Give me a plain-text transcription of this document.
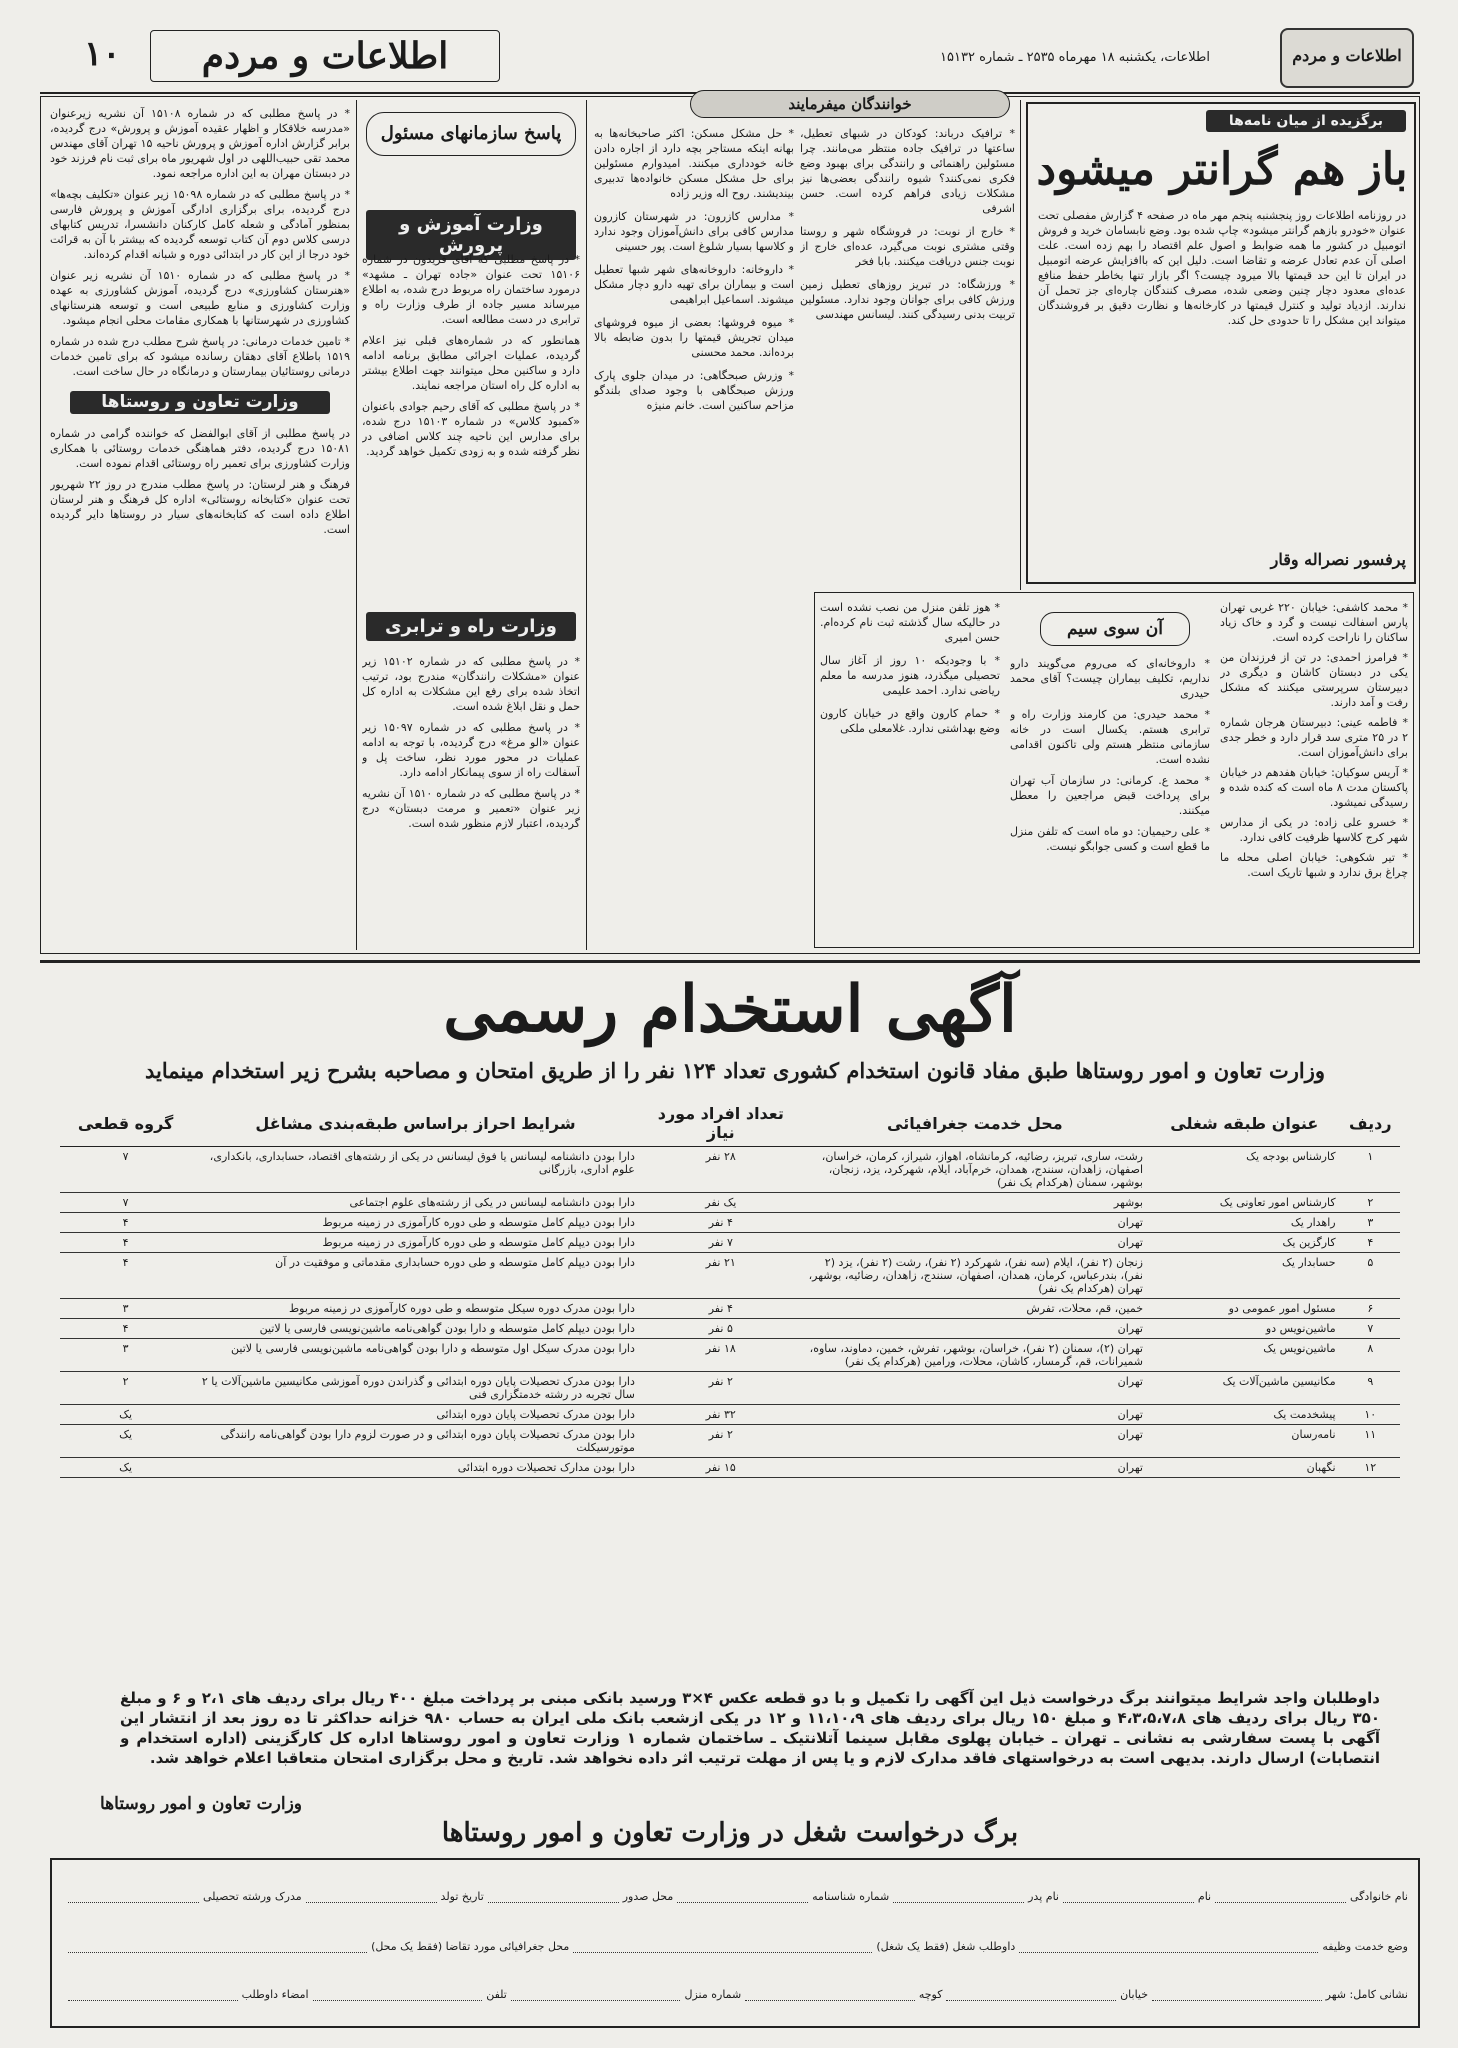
۱۰	اطلاعات و مردم	اطلاعات، یکشنبه ۱۸ مهرماه ۲۵۳۵ ـ شماره ۱۵۱۳۲	اطلاعات و مردم

* در پاسخ مطلبی که در شماره ۱۵۱۰۸ آن نشریه زیرعنوان «مدرسه خلاقکار و اظهار عقیده آموزش و پرورش» درج گردیده، برابر گزارش اداره آموزش و پرورش ناحیه ۱۵ تهران آقای مهندس محمد تقی حبیب‌اللهی در اول شهریور ماه برای ثبت نام فرزند خود در دبستان مهران به این اداره مراجعه نمود.

* در پاسخ مطلبی که در شماره ۱۵۰۹۸ زیر عنوان «تکلیف بچه‌ها» درج گردیده، برای برگزاری ادارگی آموزش و پرورش فارسی بمنظور آمادگی و شعله کامل کارکنان دانشسرا، تدریس کتابهای درسی کلاس دوم آن کتاب توسعه گردیده که بیشتر با آن به قرائت خود درجا از این کار در ابتدائی دوره و شبانه اقدام کرده‌اند.

* در پاسخ مطلبی که در شماره ۱۵۱۰ آن نشریه زیر عنوان «هنرستان کشاورزی» درج گردیده، آموزش کشاورزی به عهده وزارت کشاورزی و منابع طبیعی است و توسعه هنرستانهای کشاورزی در شهرستانها با همکاری مقامات محلی انجام میشود.

* تامین خدمات درمانی: در پاسخ شرح مطلب درج شده در شماره ۱۵۱۹ باطلاع آقای دهقان رسانده میشود که برای تامین خدمات درمانی روستائیان بیمارستان و درمانگاه در حال ساخت است.

وزارت تعاون و روستاها

در پاسخ مطلبی از آقای ابوالفضل که خواننده گرامی در شماره ۱۵۰۸۱ درج گردیده، دفتر هماهنگی خدمات روستائی با همکاری وزارت کشاورزی برای تعمیر راه روستائی اقدام نموده است.

فرهنگ و هنر لرستان: در پاسخ مطلب مندرج در روز ۲۲ شهریور تحت عنوان «کتابخانه روستائی» اداره کل فرهنگ و هنر لرستان اطلاع داده است که کتابخانه‌های سیار در روستاها دایر گردیده است.

پاسخ سازمانهای مسئول
وزارت آموزش و پرورش

* در پاسخ مطلبی که آقای فریدون در شماره ۱۵۱۰۶ تحت عنوان «جاده تهران ـ مشهد» درمورد ساختمان راه مربوط درج شده، به اطلاع میرساند مسیر جاده از طرف وزارت راه و ترابری در دست مطالعه است.

همانطور که در شماره‌های قبلی نیز اعلام گردیده، عملیات اجرائی مطابق برنامه ادامه دارد و ساکنین محل میتوانند جهت اطلاع بیشتر به اداره کل راه استان مراجعه نمایند.

* در پاسخ مطلبی که آقای رحیم جوادی باعنوان «کمبود کلاس» در شماره ۱۵۱۰۳ درج شده، برای مدارس این ناحیه چند کلاس اضافی در نظر گرفته شده و به زودی تکمیل خواهد گردید.

وزارت راه و ترابری

* در پاسخ مطلبی که در شماره ۱۵۱۰۲ زیر عنوان «مشکلات رانندگان» مندرج بود، ترتیب اتخاذ شده برای رفع این مشکلات به اداره کل حمل و نقل ابلاغ شده است.

* در پاسخ مطلبی که در شماره ۱۵۰۹۷ زیر عنوان «الو مرغ» درج گردیده، با توجه به ادامه عملیات در محور مورد نظر، ساخت پل و آسفالت راه از سوی پیمانکار ادامه دارد.

* در پاسخ مطلبی که در شماره ۱۵۱۰ آن نشریه زیر عنوان «تعمیر و مرمت دبستان» درج گردیده، اعتبار لازم منظور شده است.

خوانندگان میفرمایند

* ترافیک درباند: کودکان در شبهای تعطیل، ساعتها در ترافیک جاده منتظر می‌مانند. چرا مسئولین راهنمائی و رانندگی برای بهبود وضع فکری نمی‌کنند؟ شیوه رانندگی بعضی‌ها نیز مشکلات زیادی فراهم کرده است. حسن اشرفی

* خارج از نوبت: در فروشگاه شهر و روستا وقتی مشتری نوبت می‌گیرد، عده‌ای خارج از نوبت جنس دریافت میکنند. بابا فخر

* ورزشگاه: در تبریز روزهای تعطیل زمین ورزش کافی برای جوانان وجود ندارد. مسئولین تربیت بدنی رسیدگی کنند. لیسانس مهندسی

* حل مشکل مسکن: اکثر صاحبخانه‌ها به بهانه اینکه مستاجر بچه دارد از اجاره دادن خانه خودداری میکنند. امیدوارم مسئولین برای حل مشکل مسکن خانواده‌ها تدبیری بیندیشند. روح اله وزیر زاده

* مدارس کازرون: در شهرستان کازرون مدارس کافی برای دانش‌آموزان وجود ندارد و کلاسها بسیار شلوغ است. پور حسینی

* داروخانه: داروخانه‌های شهر شبها تعطیل است و بیماران برای تهیه دارو دچار مشکل میشوند. اسماعیل ابراهیمی

* میوه فروشها: بعضی از میوه فروشهای میدان تجریش قیمتها را بدون ضابطه بالا برده‌اند. محمد محسنی

* وزرش صبحگاهی: در میدان جلوی پارک ورزش صبحگاهی با وجود صدای بلندگو مزاحم ساکنین است. خانم منیژه

برگزیده از میان نامه‌ها
باز هم گرانتر میشود
در روزنامه اطلاعات روز پنجشنبه پنجم مهر ماه در صفحه ۴ گزارش مفصلی تحت عنوان «خودرو بازهم گرانتر میشود» چاپ شده بود. وضع نابسامان خرید و فروش اتومبیل در کشور ما همه ضوابط و اصول علم اقتصاد را بهم زده است. علت اصلی آن عدم تعادل عرضه و تقاضا است. دلیل این که باافزایش عرضه اتومبیل در ایران تا این حد قیمتها بالا میرود چیست؟ اگر بازار تنها بخاطر حفظ منافع عده‌ای معدود دچار چنین وضعی شده، مصرف کنندگان چاره‌ای جز تحمل آن ندارند. ازدیاد تولید و کنترل قیمتها در کارخانه‌ها و نظارت دقیق بر فروشندگان میتواند این مشکل را تا حدودی حل کند.
پرفسور نصراله وقار

* هوز تلفن منزل من نصب نشده است در حالیکه سال گذشته ثبت نام کرده‌ام. حسن امیری

* با وجودیکه ۱۰ روز از آغاز سال تحصیلی میگذرد، هنوز مدرسه ما معلم ریاضی ندارد. احمد علیمی

* حمام کارون واقع در خیابان کارون وضع بهداشتی ندارد. غلامعلی ملکی

آن سوی سیم

* داروخانه‌ای که می‌روم می‌گویند دارو نداریم، تکلیف بیماران چیست؟ آقای محمد حیدری

* محمد حیدری: من کارمند وزارت راه و ترابری هستم. یکسال است در خانه سازمانی منتظر هستم ولی تاکنون اقدامی نشده است.

* محمد ع. کرمانی: در سازمان آب تهران برای پرداخت قبض مراجعین را معطل میکنند.

* علی رحیمیان: دو ماه است که تلفن منزل ما قطع است و کسی جوابگو نیست.

* محمد کاشفی: خیابان ۲۲۰ غربی تهران پارس اسفالت نیست و گرد و خاک زیاد ساکنان را ناراحت کرده است.

* فرامرز احمدی: در تن از فرزندان من یکی در دبستان کاشان و دیگری در دبیرستان سرپرستی میکنند که مشکل رفت و آمد دارند.

* فاطمه عینی: دبیرستان هرجان شماره ۲ در ۲۵ متری سد قرار دارد و خطر جدی برای دانش‌آموزان است.

* آریس سوکیان: خیابان هفدهم در خیابان پاکستان مدت ۸ ماه است که کنده شده و رسیدگی نمیشود.

* خسرو علی زاده: در یکی از مدارس شهر کرج کلاسها ظرفیت کافی ندارد.

* تیر شکوهی: خیابان اصلی محله ما چراغ برق ندارد و شبها تاریک است.

آگهی استخدام رسمی
وزارت تعاون و امور روستاها طبق مفاد قانون استخدام کشوری تعداد ۱۲۴ نفر را از طریق امتحان و مصاحبه بشرح زیر استخدام مینماید
ردیف	عنوان طبقه شغلی	محل خدمت جغرافیائی	تعداد افراد مورد نیاز	شرایط احراز براساس طبقه‌بندی مشاغل	گروه قطعی
۱	کارشناس بودجه یک	رشت، ساری، تبریز، رضائیه، کرمانشاه، اهواز، شیراز، کرمان، خراسان، اصفهان، زاهدان، سنندج، همدان، خرم‌آباد، ایلام، شهرکرد، یزد، زنجان، بوشهر، سمنان (هرکدام یک نفر)	۲۸ نفر	دارا بودن دانشنامه لیسانس یا فوق لیسانس در یکی از رشته‌های اقتصاد، حسابداری، بانکداری، علوم اداری، بازرگانی	۷
۲	کارشناس امور تعاونی یک	بوشهر	یک نفر	دارا بودن دانشنامه لیسانس در یکی از رشته‌های علوم اجتماعی	۷
۳	راهدار یک	تهران	۴ نفر	دارا بودن دیپلم کامل متوسطه و طی دوره کارآموزی در زمینه مربوط	۴
۴	کارگزین یک	تهران	۷ نفر	دارا بودن دیپلم کامل متوسطه و طی دوره کارآموزی در زمینه مربوط	۴
۵	حسابدار یک	زنجان (۲ نفر)، ایلام (سه نفر)، شهرکرد (۲ نفر)، رشت (۲ نفر)، یزد (۲ نفر)، بندرعباس، کرمان، همدان، اصفهان، سنندج، زاهدان، رضائیه، بوشهر، تهران (هرکدام یک نفر)	۲۱ نفر	دارا بودن دیپلم کامل متوسطه و طی دوره حسابداری مقدماتی و موفقیت در آن	۴
۶	مسئول امور عمومی دو	خمین، قم، محلات، تفرش	۴ نفر	دارا بودن مدرک دوره سیکل متوسطه و طی دوره کارآموزی در زمینه مربوط	۳
۷	ماشین‌نویس دو	تهران	۵ نفر	دارا بودن دیپلم کامل متوسطه و دارا بودن گواهی‌نامه ماشین‌نویسی فارسی یا لاتین	۴
۸	ماشین‌نویس یک	تهران (۲)، سمنان (۲ نفر)، خراسان، بوشهر، تفرش، خمین، دماوند، ساوه، شمیرانات، قم، گرمسار، کاشان، محلات، ورامین (هرکدام یک نفر)	۱۸ نفر	دارا بودن مدرک سیکل اول متوسطه و دارا بودن گواهی‌نامه ماشین‌نویسی فارسی یا لاتین	۳
۹	مکانیسین ماشین‌آلات یک	تهران	۲ نفر	دارا بودن مدرک تحصیلات پایان دوره ابتدائی و گذراندن دوره آموزشی مکانیسین ماشین‌آلات یا ۲ سال تجربه در رشته خدمتگزاری فنی	۲
۱۰	پیشخدمت یک	تهران	۳۲ نفر	دارا بودن مدرک تحصیلات پایان دوره ابتدائی	یک
۱۱	نامه‌رسان	تهران	۲ نفر	دارا بودن مدرک تحصیلات پایان دوره ابتدائی و در صورت لزوم دارا بودن گواهی‌نامه رانندگی موتورسیکلت	یک
۱۲	نگهبان	تهران	۱۵ نفر	دارا بودن مدارک تحصیلات دوره ابتدائی	یک
داوطلبان واجد شرایط میتوانند برگ درخواست ذیل این آگهی را تکمیل و با دو قطعه عکس ۴×۳ ورسید بانکی مبنی بر پرداخت مبلغ ۴۰۰ ریال برای ردیف های ۲،۱ و ۶ و مبلغ ۳۵۰ ریال برای ردیف های ۴،۳،۵،۷،۸ و مبلغ ۱۵۰ ریال برای ردیف های ۱۱،۱۰،۹ و ۱۲ در یکی ازشعب بانک ملی ایران به حساب ۹۸۰ خزانه حداکثر تا ده روز بعد از انتشار این آگهی با پست سفارشی به نشانی ـ تهران ـ خیابان پهلوی مقابل سینما آتلانتیک ـ ساختمان شماره ۱ وزارت تعاون و امور روستاها اداره کل کارگزینی (اداره استخدام و انتصابات) ارسال دارند. بدیهی است به درخواستهای فاقد مدارک لازم و یا پس از مهلت ترتیب اثر داده نخواهد شد. تاریخ و محل برگزاری امتحان متعاقبا اعلام خواهد شد.
وزارت تعاون و امور روستاها
برگ درخواست شغل در وزارت تعاون و امور روستاها
نام خانوادگی
نام
نام پدر
شماره شناسنامه
محل صدور
تاریخ تولد
مدرک ورشته تحصیلی
وضع خدمت وظیفه
داوطلب شغل (فقط یک شغل)
محل جغرافیائی مورد تقاضا (فقط یک محل)
نشانی کامل: شهر
خیابان
کوچه
شماره منزل
تلفن
امضاء داوطلب
